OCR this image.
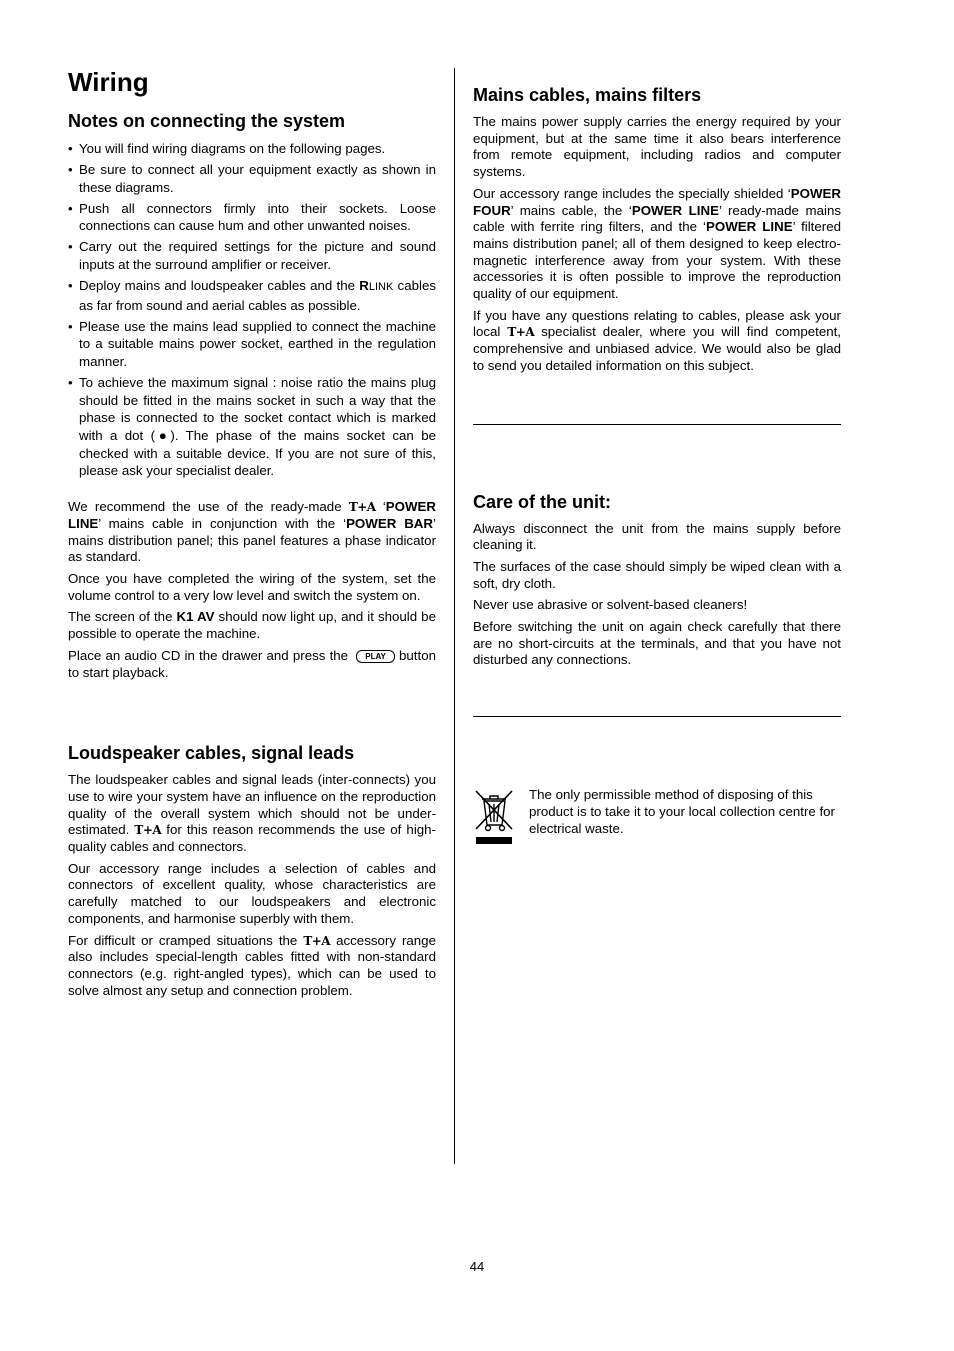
Wiring
Notes on connecting the system
• You will find wiring diagrams on the following pages.
• Be sure to connect all your equipment exactly as shown in these diagrams.
• Push all connectors firmly into their sockets. Loose connections can cause hum and other unwanted noises.
• Carry out the required settings for the picture and sound inputs at the surround amplifier or receiver.
• Deploy mains and loudspeaker cables and the RLINK cables as far from sound and aerial cables as possible.
• Please use the mains lead supplied to connect the machine to a suitable mains power socket, earthed in the regulation manner.
• To achieve the maximum signal : noise ratio the mains plug should be fitted in the mains socket in such a way that the phase is connected to the socket contact which is marked with a dot (●). The phase of the mains socket can be checked with a suitable device. If you are not sure of this, please ask your specialist dealer.

We recommend the use of the ready-made T+A ‘POWER LINE’ mains cable in conjunction with the ‘POWER BAR’ mains distribution panel; this panel features a phase indicator as standard.

Once you have completed the wiring of the system, set the volume control to a very low level and switch the system on.

The screen of the K1 AV should now light up, and it should be possible to operate the machine.

Place an audio CD in the drawer and press the PLAY button to start playback.

Loudspeaker cables, signal leads

The loudspeaker cables and signal leads (inter-connects) you use to wire your system have an influence on the reproduction quality of the overall system which should not be under-estimated. T+A for this reason recommends the use of high-quality cables and connectors.

Our accessory range includes a selection of cables and connectors of excellent quality, whose characteristics are carefully matched to our loudspeakers and electronic components, and harmonise superbly with them.

For difficult or cramped situations the T+A accessory range also includes special-length cables fitted with non-standard connectors (e.g. right-angled types), which can be used to solve almost any setup and connection problem.

Mains cables, mains filters

The mains power supply carries the energy required by your equipment, but at the same time it also bears interference from remote equipment, including radios and computer systems.

Our accessory range includes the specially shielded ‘POWER FOUR’ mains cable, the ‘POWER LINE’ ready-made mains cable with ferrite ring filters, and the ‘POWER LINE’ filtered mains distribution panel; all of them designed to keep electro-magnetic interference away from your system. With these accessories it is often possible to improve the reproduction quality of our equipment.

If you have any questions relating to cables, please ask your local T+A specialist dealer, where you will find competent, comprehensive and unbiased advice. We would also be glad to send you detailed information on this subject.

Care of the unit:

Always disconnect the unit from the mains supply before cleaning it.

The surfaces of the case should simply be wiped clean with a soft, dry cloth.

Never use abrasive or solvent-based cleaners!

Before switching the unit on again check carefully that there are no short-circuits at the terminals, and that you have not disturbed any connections.

The only permissible method of disposing of this product is to take it to your local collection centre for electrical waste.

44
